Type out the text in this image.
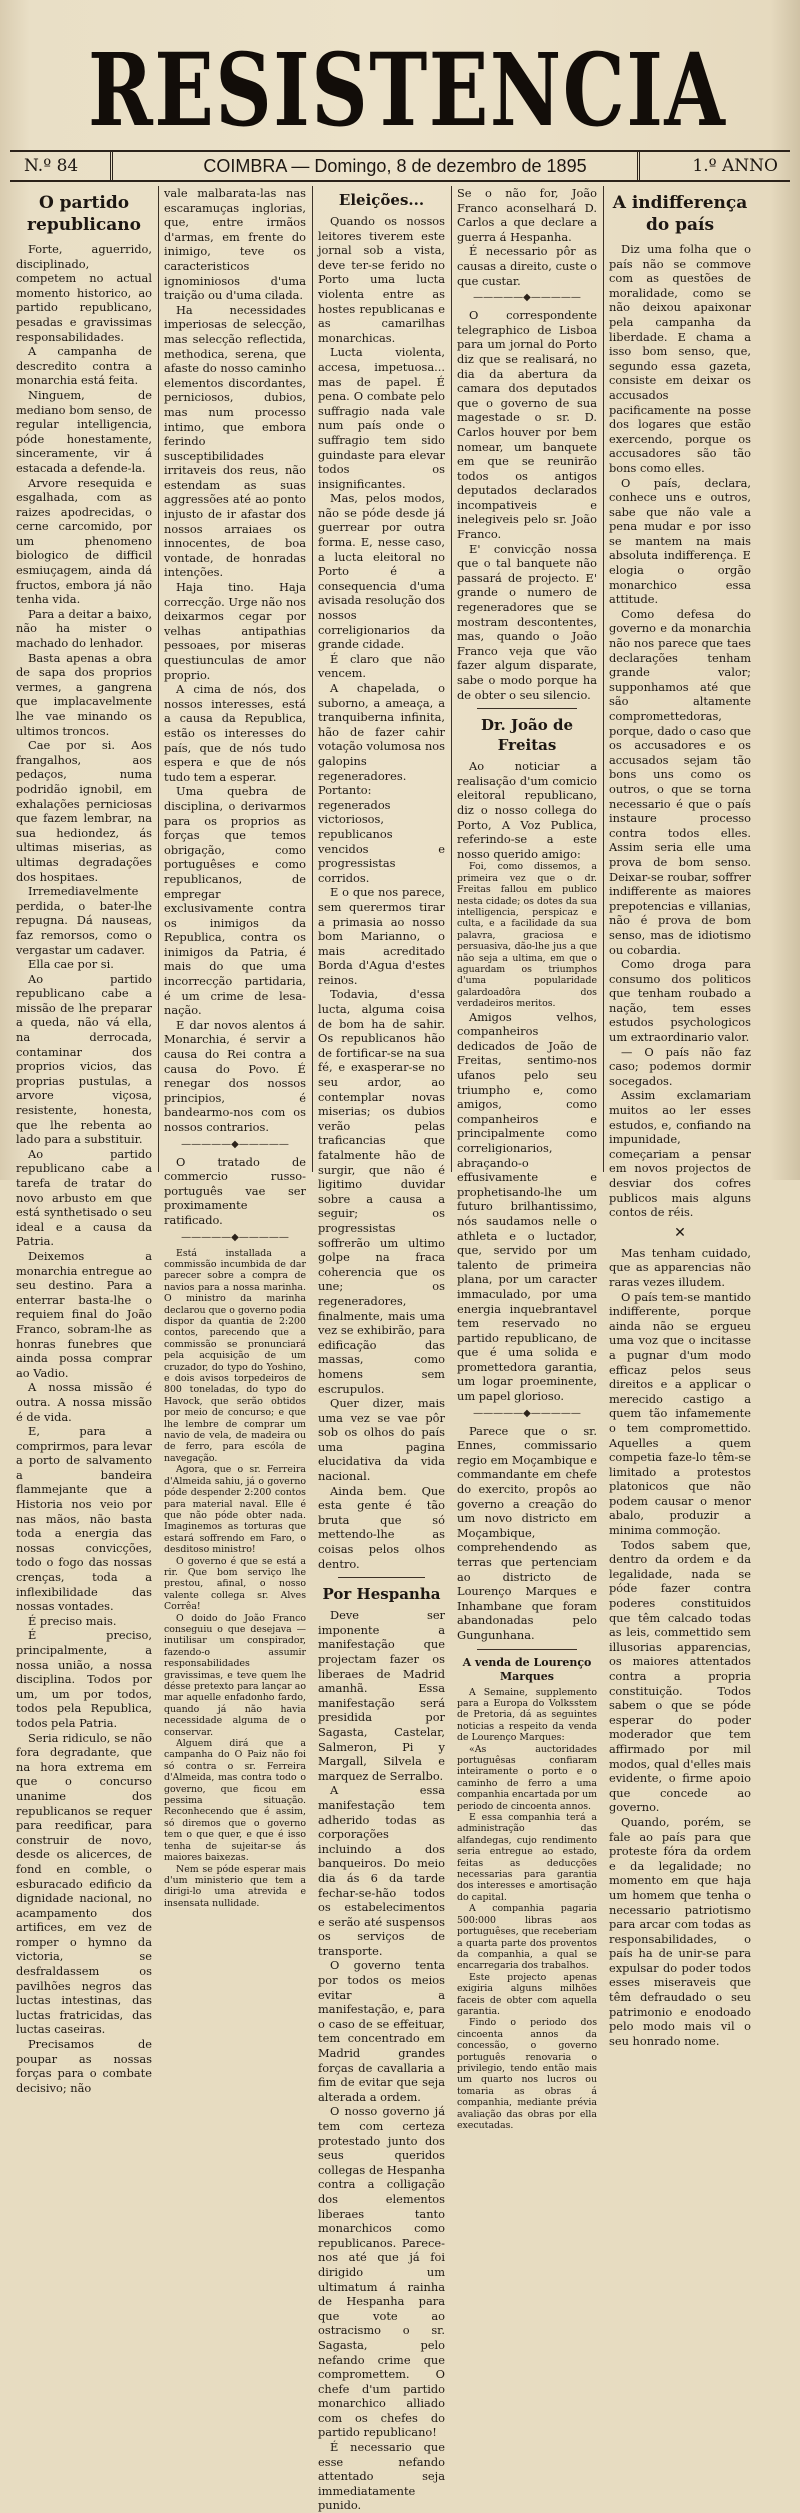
RESISTENCIA
N.º 84	COIMBRA — Domingo, 8 de dezembro de 1895	1.º ANNO
O partido republicano

Forte, aguerrido, disciplinado, competem no actual momento historico, ao partido republicano, pesadas e gravissimas responsabilidades.

A campanha de descredito contra a monarchia está feita.

Ninguem, de mediano bom senso, de regular intelligencia, póde honestamente, sinceramente, vir á estacada a defende-la.

Arvore resequida e esgalhada, com as raizes apodrecidas, o cerne carcomido, por um phenomeno biologico de difficil esmiuçagem, ainda dá fructos, embora já não tenha vida.

Para a deitar a baixo, não ha mister o machado do lenhador.

Basta apenas a obra de sapa dos proprios vermes, a gangrena que implacavelmente lhe vae minando os ultimos troncos.

Cae por si. Aos frangalhos, aos pedaços, numa podridão ignobil, em exhalações perniciosas que fazem lembrar, na sua hediondez, ás ultimas miserias, as ultimas degradações dos hospitaes.

Irremediavelmente perdida, o bater-lhe repugna. Dá nauseas, faz remorsos, como o vergastar um cadaver.

Ella cae por si.

Ao partido republicano cabe a missão de lhe preparar a queda, não vá ella, na derrocada, contaminar dos proprios vicios, das proprias pustulas, a arvore viçosa, resistente, honesta, que lhe rebenta ao lado para a substituir.

Ao partido republicano cabe a tarefa de tratar do novo arbusto em que está synthetisado o seu ideal e a causa da Patria.

Deixemos a monarchia entregue ao seu destino. Para a enterrar basta-lhe o requiem final do João Franco, sobram-lhe as honras funebres que ainda possa comprar ao Vadio.

A nossa missão é outra. A nossa missão é de vida.

E, para a comprirmos, para levar a porto de salvamento a bandeira flammejante que a Historia nos veio por nas mãos, não basta toda a energia das nossas convicções, todo o fogo das nossas crenças, toda a inflexibilidade das nossas vontades.

É preciso mais.

É preciso, principalmente, a nossa união, a nossa disciplina. Todos por um, um por todos, todos pela Republica, todos pela Patria.

Seria ridiculo, se não fora degradante, que na hora extrema em que o concurso unanime dos republicanos se requer para reedificar, para construir de novo, desde os alicerces, de fond en comble, o esburacado edificio da dignidade nacional, no acampamento dos artifices, em vez de romper o hymno da victoria, se desfraldassem os pavilhões negros das luctas intestinas, das luctas fratricidas, das luctas caseiras.

Precisamos de poupar as nossas forças para o combate decisivo; não

vale malbarata-las nas escaramuças inglorias, que, entre irmãos d'armas, em frente do inimigo, teve os caracteristicos ignominiosos d'uma traição ou d'uma cilada.

Ha necessidades imperiosas de selecção, mas selecção reflectida, methodica, serena, que afaste do nosso caminho elementos discordantes, perniciosos, dubios, mas num processo intimo, que embora ferindo susceptibilidades irritaveis dos reus, não estendam as suas aggressões até ao ponto injusto de ir afastar dos nossos arraiaes os innocentes, de boa vontade, de honradas intenções.

Haja tino. Haja correcção. Urge não nos deixarmos cegar por velhas antipathias pessoaes, por miseras questiunculas de amor proprio.

A cima de nós, dos nossos interesses, está a causa da Republica, estão os interesses do país, que de nós tudo espera e que de nós tudo tem a esperar.

Uma quebra de disciplina, o derivarmos para os proprios as forças que temos obrigação, como portuguêses e como republicanos, de empregar exclusivamente contra os inimigos da Republica, contra os inimigos da Patria, é mais do que uma incorrecção partidaria, é um crime de lesa-nação.

E dar novos alentos á Monarchia, é servir a causa do Rei contra a causa do Povo. É renegar dos nossos principios, é bandearmo-nos com os nossos contrarios.

—————◆—————

O tratado de commercio russo-português vae ser proximamente ratificado.

—————◆—————

Está installada a commissão incumbida de dar parecer sobre a compra de navios para a nossa marinha. O ministro da marinha declarou que o governo podia dispor da quantia de 2:200 contos, parecendo que a commissão se pronunciará pela acquisição de um cruzador, do typo do Yoshino, e dois avisos torpedeiros de 800 toneladas, do typo do Havock, que serão obtidos por meio de concurso; e que lhe lembre de comprar um navio de vela, de madeira ou de ferro, para escóla de navegação.

Agora, que o sr. Ferreira d'Almeida sahiu, já o governo póde despender 2:200 contos para material naval. Elle é que não póde obter nada. Imaginemos as torturas que estará soffrendo em Faro, o desditoso ministro!

O governo é que se está a rir. Que bom serviço lhe prestou, afinal, o nosso valente collega sr. Alves Corrêa!

O doido do João Franco conseguiu o que desejava — inutilisar um conspirador, fazendo-o assumir responsabilidades gravissimas, e teve quem lhe désse pretexto para lançar ao mar aquelle enfadonho fardo, quando já não havia necessidade alguma de o conservar.

Alguem dirá que a campanha do O Paiz não foi só contra o sr. Ferreira d'Almeida, mas contra todo o governo, que ficou em pessima situação. Reconhecendo que é assim, só diremos que o governo tem o que quer, e que é isso tenha de sujeitar-se ás maiores baixezas.

Nem se póde esperar mais d'um ministerio que tem a dirigi-lo uma atrevida e insensata nullidade.

Eleições...

Quando os nossos leitores tiverem este jornal sob a vista, deve ter-se ferido no Porto uma lucta violenta entre as hostes republicanas e as camarilhas monarchicas.

Lucta violenta, accesa, impetuosa... mas de papel. É pena. O combate pelo suffragio nada vale num país onde o suffragio tem sido guindaste para elevar todos os insignificantes.

Mas, pelos modos, não se póde desde já guerrear por outra forma. E, nesse caso, a lucta eleitoral no Porto é a consequencia d'uma avisada resolução dos nossos correligionarios da grande cidade.

É claro que não vencem.

A chapelada, o suborno, a ameaça, a tranquiberna infinita, hão de fazer cahir votação volumosa nos galopins regeneradores. Portanto: regenerados victoriosos, republicanos vencidos e progressistas corridos.

E o que nos parece, sem querermos tirar a primasia ao nosso bom Marianno, o mais acreditado Borda d'Agua d'estes reinos.

Todavia, d'essa lucta, alguma coisa de bom ha de sahir. Os republicanos hão de fortificar-se na sua fé, e exasperar-se no seu ardor, ao contemplar novas miserias; os dubios verão pelas traficancias que fatalmente hão de surgir, que não é ligitimo duvidar sobre a causa a seguir; os progressistas soffrerão um ultimo golpe na fraca coherencia que os une; os regeneradores, finalmente, mais uma vez se exhibirão, para edificação das massas, como homens sem escrupulos.

Quer dizer, mais uma vez se vae pôr sob os olhos do país uma pagina elucidativa da vida nacional.

Ainda bem. Que esta gente é tão bruta que só mettendo-lhe as coisas pelos olhos dentro.

Por Hespanha

Deve ser imponente a manifestação que projectam fazer os liberaes de Madrid amanhã. Essa manifestação será presidida por Sagasta, Castelar, Salmeron, Pi y Margall, Silvela e marquez de Serralbo.

A essa manifestação tem adherido todas as corporações incluindo a dos banqueiros. Do meio dia ás 6 da tarde fechar-se-hão todos os estabelecimentos e serão até suspensos os serviços de transporte.

O governo tenta por todos os meios evitar a manifestação, e, para o caso de se effeituar, tem concentrado em Madrid grandes forças de cavallaria a fim de evitar que seja alterada a ordem.

O nosso governo já tem com certeza protestado junto dos seus queridos collegas de Hespanha contra a colligação dos elementos liberaes tanto monarchicos como republicanos. Parece-nos até que já foi dirigido um ultimatum á rainha de Hespanha para que vote ao ostracismo o sr. Sagasta, pelo nefando crime que compromettem. O chefe d'um partido monarchico alliado com os chefes do partido republicano!

É necessario que esse nefando attentado seja immediatamente punido.

Se o não for, João Franco aconselhará D. Carlos a que declare a guerra á Hespanha.

É necessario pôr as causas a direito, custe o que custar.

—————◆—————

O correspondente telegraphico de Lisboa para um jornal do Porto diz que se realisará, no dia da abertura da camara dos deputados que o governo de sua magestade o sr. D. Carlos houver por bem nomear, um banquete em que se reunirão todos os antigos deputados declarados incompativeis e inelegiveis pelo sr. João Franco.

E' convicção nossa que o tal banquete não passará de projecto. E' grande o numero de regeneradores que se mostram descontentes, mas, quando o João Franco veja que vão fazer algum disparate, sabe o modo porque ha de obter o seu silencio.

Dr. João de Freitas

Ao noticiar a realisação d'um comicio eleitoral republicano, diz o nosso collega do Porto, A Voz Publica, referindo-se a este nosso querido amigo:

Foi, como dissemos, a primeira vez que o dr. Freitas fallou em publico nesta cidade; os dotes da sua intelligencia, perspicaz e culta, e a facilidade da sua palavra, graciosa e persuasiva, dão-lhe jus a que não seja a ultima, em que o aguardam os triumphos d'uma popularidade galardoadôra dos verdadeiros meritos.

Amigos velhos, companheiros dedicados de João de Freitas, sentimo-nos ufanos pelo seu triumpho e, como amigos, como companheiros e principalmente como correligionarios, abraçando-o effusivamente e prophetisando-lhe um futuro brilhantissimo, nós saudamos nelle o athleta e o luctador, que, servido por um talento de primeira plana, por um caracter immaculado, por uma energia inquebrantavel tem reservado no partido republicano, de que é uma solida e promettedora garantia, um logar proeminente, um papel glorioso.

—————◆—————

Parece que o sr. Ennes, commissario regio em Moçambique e commandante em chefe do exercito, propôs ao governo a creação do um novo districto em Moçambique, comprehendendo as terras que pertenciam ao districto de Lourenço Marques e Inhambane que foram abandonadas pelo Gungunhana.

A venda de Lourenço Marques

A Semaine, supplemento para a Europa do Volksstem de Pretoria, dá as seguintes noticias a respeito da venda de Lourenço Marques:

«As auctoridades portuguêsas confiaram inteiramente o porto e o caminho de ferro a uma companhia encartada por um periodo de cincoenta annos.

E essa companhia terá a administração das alfandegas, cujo rendimento seria entregue ao estado, feitas as deducções necessarias para garantia dos interesses e amortisação do capital.

A companhia pagaria 500:000 libras aos portuguêses, que receberiam a quarta parte dos proventos da companhia, a qual se encarregaria dos trabalhos.

Este projecto apenas exigiria alguns milhões faceis de obter com aquella garantia.

Findo o periodo dos cincoenta annos da concessão, o governo português renovaria o privilegio, tendo então mais um quarto nos lucros ou tomaria as obras á companhia, mediante prévia avaliação das obras por ella executadas.

A indifferença do país

Diz uma folha que o país não se commove com as questões de moralidade, como se não deixou apaixonar pela campanha da liberdade. E chama a isso bom senso, que, segundo essa gazeta, consiste em deixar os accusados pacificamente na posse dos logares que estão exercendo, porque os accusadores são tão bons como elles.

O país, declara, conhece uns e outros, sabe que não vale a pena mudar e por isso se mantem na mais absoluta indifferença. E elogia o orgão monarchico essa attitude.

Como defesa do governo e da monarchia não nos parece que taes declarações tenham grande valor; supponhamos até que são altamente compromettedoras, porque, dado o caso que os accusadores e os accusados sejam tão bons uns como os outros, o que se torna necessario é que o país instaure processo contra todos elles. Assim seria elle uma prova de bom senso. Deixar-se roubar, soffrer indifferente as maiores prepotencias e villanias, não é prova de bom senso, mas de idiotismo ou cobardia.

Como droga para consumo dos politicos que tenham roubado a nação, tem esses estudos psychologicos um extraordinario valor.

— O país não faz caso; podemos dormir socegados.

Assim exclamariam muitos ao ler esses estudos, e, confiando na impunidade, começariam a pensar em novos projectos de desviar dos cofres publicos mais alguns contos de réis.

✕

Mas tenham cuidado, que as apparencias não raras vezes illudem.

O país tem-se mantido indifferente, porque ainda não se ergueu uma voz que o incitasse a pugnar d'um modo efficaz pelos seus direitos e a applicar o merecido castigo a quem tão infamemente o tem compromettido. Aquelles a quem competia faze-lo têm-se limitado a protestos platonicos que não podem causar o menor abalo, produzir a minima commoção.

Todos sabem que, dentro da ordem e da legalidade, nada se póde fazer contra poderes constituidos que têm calcado todas as leis, commettido sem illusorias apparencias, os maiores attentados contra a propria constituição. Todos sabem o que se póde esperar do poder moderador que tem affirmado por mil modos, qual d'elles mais evidente, o firme apoio que concede ao governo.

Quando, porém, se fale ao país para que proteste fóra da ordem e da legalidade; no momento em que haja um homem que tenha o necessario patriotismo para arcar com todas as responsabilidades, o país ha de unir-se para expulsar do poder todos esses miseraveis que têm defraudado o seu patrimonio e enodoado pelo modo mais vil o seu honrado nome.
